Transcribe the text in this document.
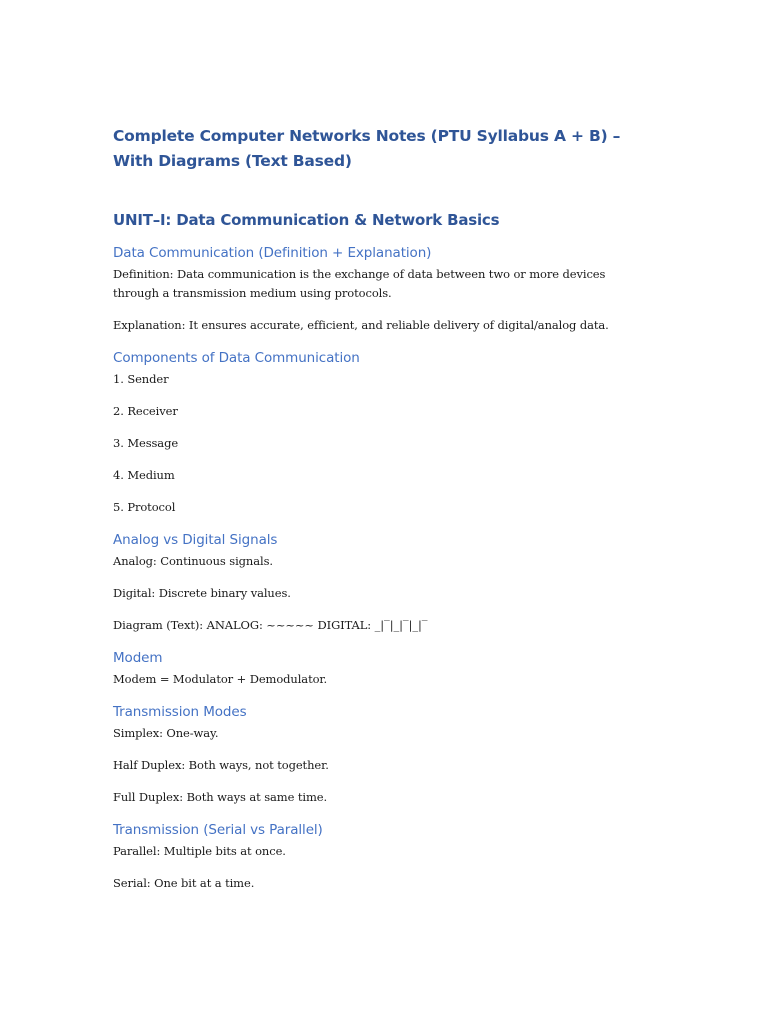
Complete Computer Networks Notes (PTU Syllabus A + B) – With Diagrams (Text Based)
UNIT–I: Data Communication & Network Basics
Data Communication (Definition + Explanation)

Definition: Data communication is the exchange of data between two or more devices through a transmission medium using protocols.

Explanation: It ensures accurate, efficient, and reliable delivery of digital/analog data.

Components of Data Communication

1. Sender

2. Receiver

3. Message

4. Medium

5. Protocol

Analog vs Digital Signals

Analog: Continuous signals.

Digital: Discrete binary values.

Diagram (Text): ANALOG: ~~~~~ DIGITAL: _|‾|_|‾|_|‾

Modem

Modem = Modulator + Demodulator.

Transmission Modes

Simplex: One-way.

Half Duplex: Both ways, not together.

Full Duplex: Both ways at same time.

Transmission (Serial vs Parallel)

Parallel: Multiple bits at once.

Serial: One bit at a time.
